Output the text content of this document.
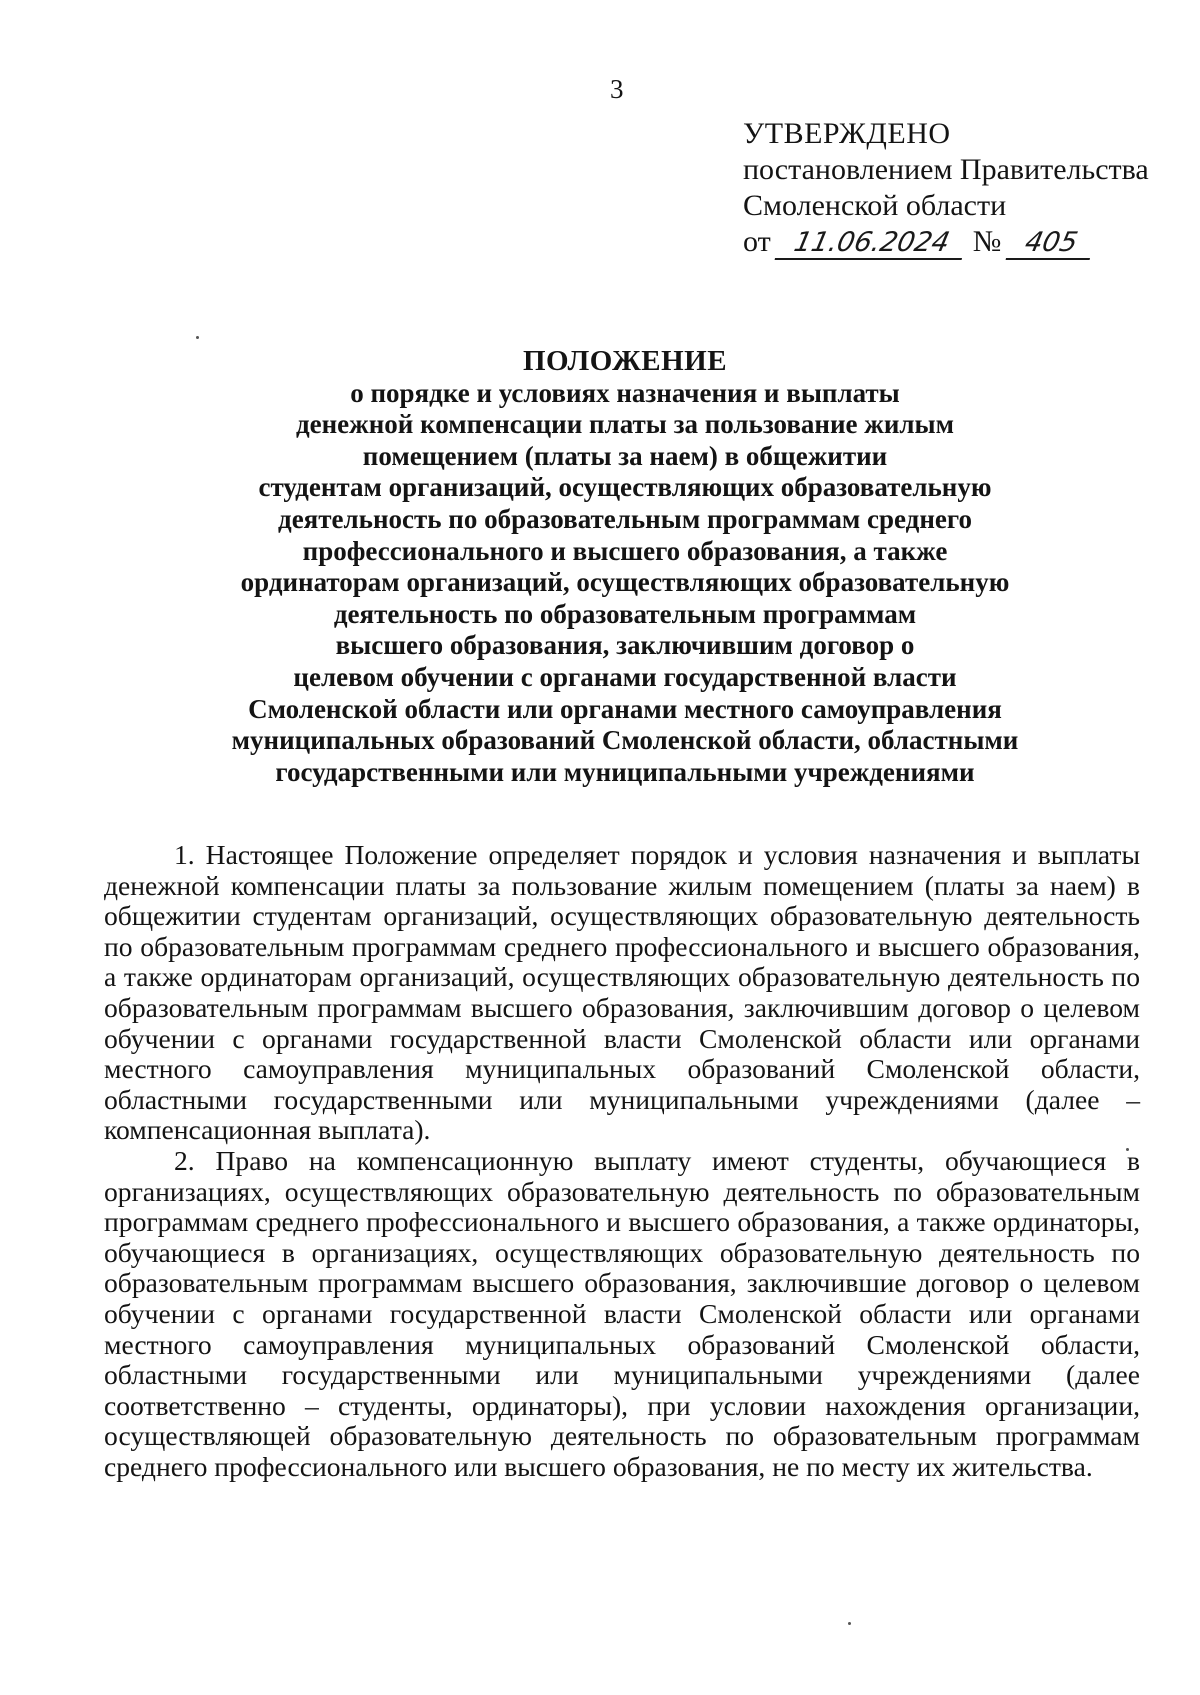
3
УТВЕРЖДЕНО
постановлением Правительства
Смоленской области
от 11.06.2024 № 405
ПОЛОЖЕНИЕ
о порядке и условиях назначения и выплаты
денежной компенсации платы за пользование жилым
помещением (платы за наем) в общежитии
студентам организаций, осуществляющих образовательную
деятельность по образовательным программам среднего
профессионального и высшего образования, а также
ординаторам организаций, осуществляющих образовательную
деятельность по образовательным программам
высшего образования, заключившим договор о
целевом обучении с органами государственной власти
Смоленской области или органами местного самоуправления
муниципальных образований Смоленской области, областными
государственными или муниципальными учреждениями

1. Настоящее Положение определяет порядок и условия назначения и выплаты денежной компенсации платы за пользование жилым помещением (платы за наем) в общежитии студентам организаций, осуществляющих образовательную деятельность по образовательным программам среднего профессионального и высшего образования, а также ординаторам организаций, осуществляющих образовательную деятельность по образовательным программам высшего образования, заключившим договор о целевом обучении с органами государственной власти Смоленской области или органами местного самоуправления муниципальных образований Смоленской области, областными государственными или муниципальными учреждениями (далее – компенсационная выплата).

2. Право на компенсационную выплату имеют студенты, обучающиеся в организациях, осуществляющих образовательную деятельность по образовательным программам среднего профессионального и высшего образования, а также ординаторы, обучающиеся в организациях, осуществляющих образовательную деятельность по образовательным программам высшего образования, заключившие договор о целевом обучении с органами государственной власти Смоленской области или органами местного самоуправления муниципальных образований Смоленской области, областными государственными или муниципальными учреждениями (далее соответственно – студенты, ординаторы), при условии нахождения организации, осуществляющей образовательную деятельность по образовательным программам среднего профессионального или высшего образования, не по месту их жительства.
